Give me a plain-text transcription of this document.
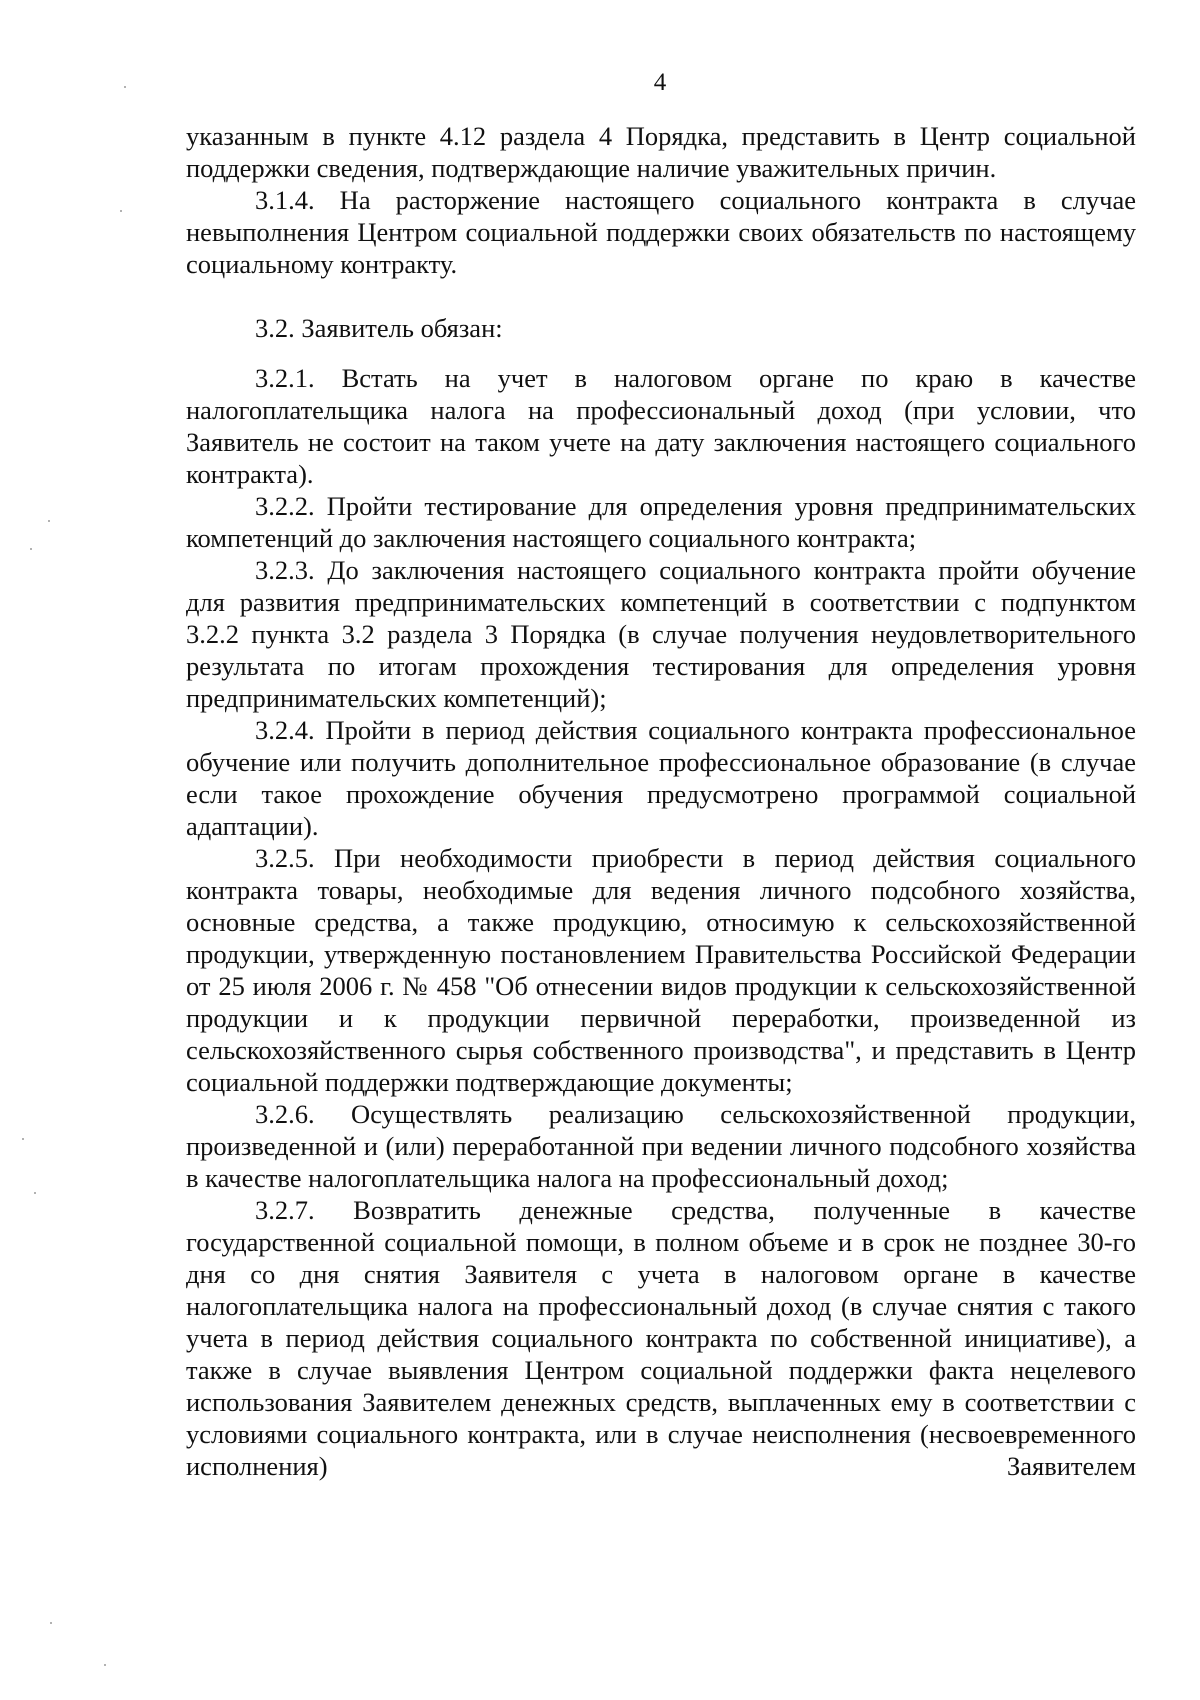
4

указанным в пункте 4.12 раздела 4 Порядка, представить в Центр социальной поддержки сведения, подтверждающие наличие уважительных причин.

3.1.4. На расторжение настоящего социального контракта в случае невыполнения Центром социальной поддержки своих обязательств по настоящему социальному контракту.

3.2. Заявитель обязан:

3.2.1. Встать на учет в налоговом органе по краю в качестве налогоплательщика налога на профессиональный доход (при условии, что Заявитель не состоит на таком учете на дату заключения настоящего социального контракта).

3.2.2. Пройти тестирование для определения уровня предпринимательских компетенций до заключения настоящего социального контракта;

3.2.3. До заключения настоящего социального контракта пройти обучение для развития предпринимательских компетенций в соответствии с подпунктом 3.2.2 пункта 3.2 раздела 3 Порядка (в случае получения неудовлетворительного результата по итогам прохождения тестирования для определения уровня предпринимательских компетенций);

3.2.4. Пройти в период действия социального контракта профессиональное обучение или получить дополнительное профессиональное образование (в случае если такое прохождение обучения предусмотрено программой социальной адаптации).

3.2.5. При необходимости приобрести в период действия социального контракта товары, необходимые для ведения личного подсобного хозяйства, основные средства, а также продукцию, относимую к сельскохозяйственной продукции, утвержденную постановлением Правительства Российской Федерации от 25 июля 2006 г. № 458 "Об отнесении видов продукции к сельскохозяйственной продукции и к продукции первичной переработки, произведенной из сельскохозяйственного сырья собственного производства", и представить в Центр социальной поддержки подтверждающие документы;

3.2.6. Осуществлять реализацию сельскохозяйственной продукции, произведенной и (или) переработанной при ведении личного подсобного хозяйства в качестве налогоплательщика налога на профессиональный доход;

3.2.7. Возвратить денежные средства, полученные в качестве государственной социальной помощи, в полном объеме и в срок не позднее 30-го дня со дня снятия Заявителя с учета в налоговом органе в качестве налогоплательщика налога на профессиональный доход (в случае снятия с такого учета в период действия социального контракта по собственной инициативе), а также в случае выявления Центром социальной поддержки факта нецелевого использования Заявителем денежных средств, выплаченных ему в соответствии с условиями социального контракта, или в случае неисполнения (несвоевременного исполнения) Заявителем
